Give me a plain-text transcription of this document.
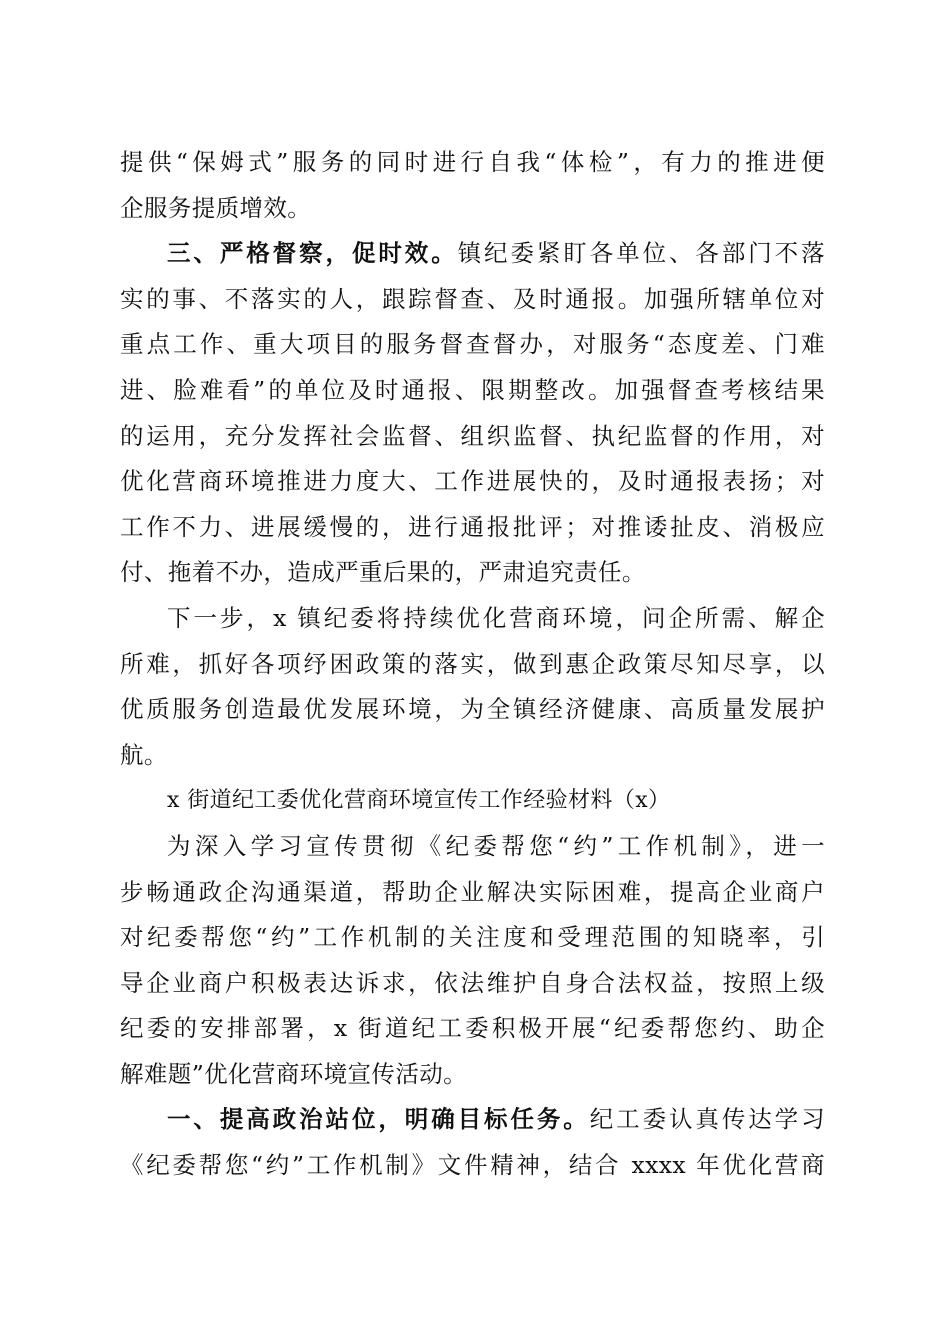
提供“保姆式”服务的同时进行自我“体检”，有力的推进便
企服务提质增效。
三、严格督察，促时效。镇纪委紧盯各单位、各部门不落
实的事、不落实的人，跟踪督查、及时通报。加强所辖单位对
重点工作、重大项目的服务督查督办，对服务“态度差、门难
进、脸难看”的单位及时通报、限期整改。加强督查考核结果
的运用，充分发挥社会监督、组织监督、执纪监督的作用，对
优化营商环境推进力度大、工作进展快的，及时通报表扬；对
工作不力、进展缓慢的，进行通报批评；对推诿扯皮、消极应
付、拖着不办，造成严重后果的，严肃追究责任。
下一步，x 镇纪委将持续优化营商环境，问企所需、解企
所难，抓好各项纾困政策的落实，做到惠企政策尽知尽享，以
优质服务创造最优发展环境，为全镇经济健康、高质量发展护
航。
x 街道纪工委优化营商环境宣传工作经验材料（x）
为深入学习宣传贯彻《纪委帮您“约”工作机制》，进一
步畅通政企沟通渠道，帮助企业解决实际困难，提高企业商户
对纪委帮您“约”工作机制的关注度和受理范围的知晓率，引
导企业商户积极表达诉求，依法维护自身合法权益，按照上级
纪委的安排部署，x 街道纪工委积极开展“纪委帮您约、助企
解难题”优化营商环境宣传活动。
一、提高政治站位，明确目标任务。纪工委认真传达学习
《纪委帮您“约”工作机制》文件精神，结合 xxxx 年优化营商
